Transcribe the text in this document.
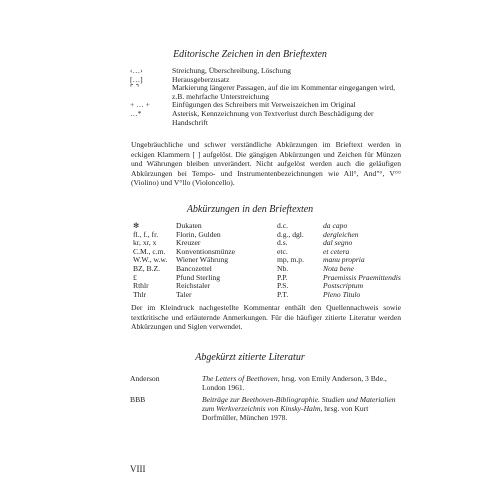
Editorische Zeichen in den Brieftexten
‹…›	Streichung, Überschreibung, Löschung
[…]	Herausgeberzusatz
⌜ ⌝	Markierung längerer Passagen, auf die im Kommentar eingegangen wird, z.B. mehrfache Unterstreichung
+ … +	Einfügungen des Schreibers mit Verweiszeichen im Original
…*	Asterisk, Kennzeichnung von Textverlust durch Beschädigung der Handschrift
Ungebräuchliche und schwer verständliche Abkürzungen im Brieftext werden in eckigen Klammern [ ] aufgelöst. Die gängigen Abkürzungen und Zeichen für Münzen und Währungen bleiben unverändert. Nicht aufgelöst werden auch die geläufigen Abkürzungen bei Tempo- und Instrumentenbezeichnungen wie All°, And"°, V°° (Violino) und V°llo (Violoncello).
Abkürzungen in den Brieftexten
✻	Dukaten	d.c.	da capo
fl., f., fr.	Florin, Gulden	d.g., dgl.	dergleichen
kr, xr, x	Kreuzer	d.s.	dal segno
C.M., c.m.	Konventionsmünze	etc.	et cetera
W.W., w.w.	Wiener Währung	mp, m.p.	manu propria
BZ, B.Z.	Bancozettel	Nb.	Nota bene
£	Pfund Sterling	P.P.	Praemissis Praemittendis
Rthlr	Reichstaler	P.S.	Postscriptum
Thlr	Taler	P.T.	Pleno Titulo
Der im Kleindruck nachgestellte Kommentar enthält den Quellennachweis sowie textkritische und erläuternde Anmerkungen. Für die häufiger zitierte Literatur werden Abkürzungen und Siglen verwendet.
Abgekürzt zitierte Literatur
Anderson	The Letters of Beethoven, hrsg. von Emily Anderson, 3 Bde., London 1961.
BBB	Beiträge zur Beethoven-Bibliographie. Studien und Materialien zum Werkverzeichnis von Kinsky-Halm, hrsg. von Kurt Dorfmüller, München 1978.
VIII
